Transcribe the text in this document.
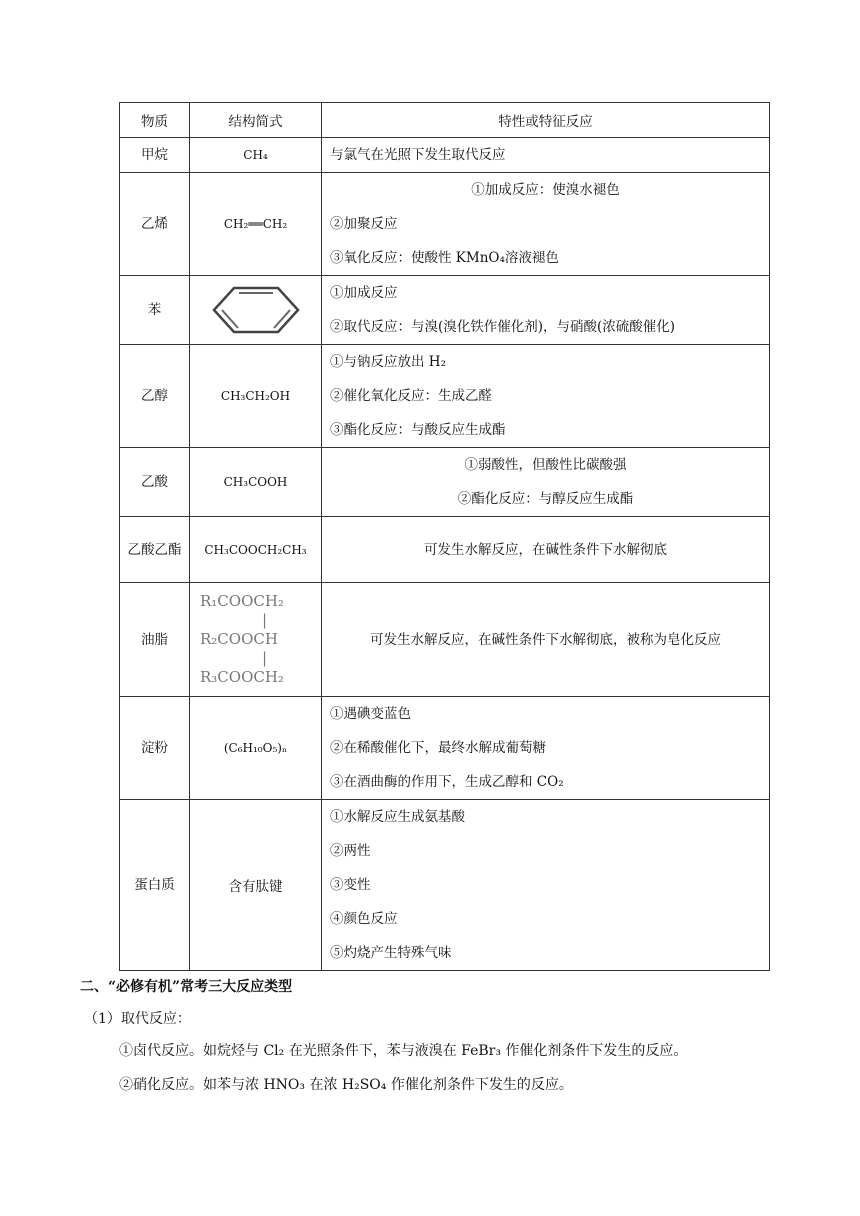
物质	结构简式	特性或特征反应
甲烷	CH₄	与氯气在光照下发生取代反应

乙烯	CH₂══CH₂	①加成反应：使溴水褪色
②加聚反应
③氧化反应：使酸性 KMnO₄溶液褪色

苯		①加成反应
②取代反应：与溴(溴化铁作催化剂)，与硝酸(浓硫酸催化)

乙醇	CH₃CH₂OH	①与钠反应放出 H₂
②催化氧化反应：生成乙醛
③酯化反应：与酸反应生成酯

乙酸	CH₃COOH	①弱酸性，但酸性比碳酸强
②酯化反应：与醇反应生成酯

乙酸乙酯	CH₃COOCH₂CH₃	可发生水解反应，在碱性条件下水解彻底

油脂	R₁COOCH₂
|
R₂COOCH
|
R₃COOCH₂	可发生水解反应，在碱性条件下水解彻底，被称为皂化反应

淀粉	(C₆H₁₀O₅)ₙ	①遇碘变蓝色
②在稀酸催化下，最终水解成葡萄糖
③在酒曲酶的作用下，生成乙醇和 CO₂

蛋白质	含有肽键	①水解反应生成氨基酸
②两性
③变性
④颜色反应
⑤灼烧产生特殊气味
二、“必修有机”常考三大反应类型
（1）取代反应：
①卤代反应。如烷烃与 Cl₂ 在光照条件下，苯与液溴在 FeBr₃ 作催化剂条件下发生的反应。
②硝化反应。如苯与浓 HNO₃ 在浓 H₂SO₄ 作催化剂条件下发生的反应。
